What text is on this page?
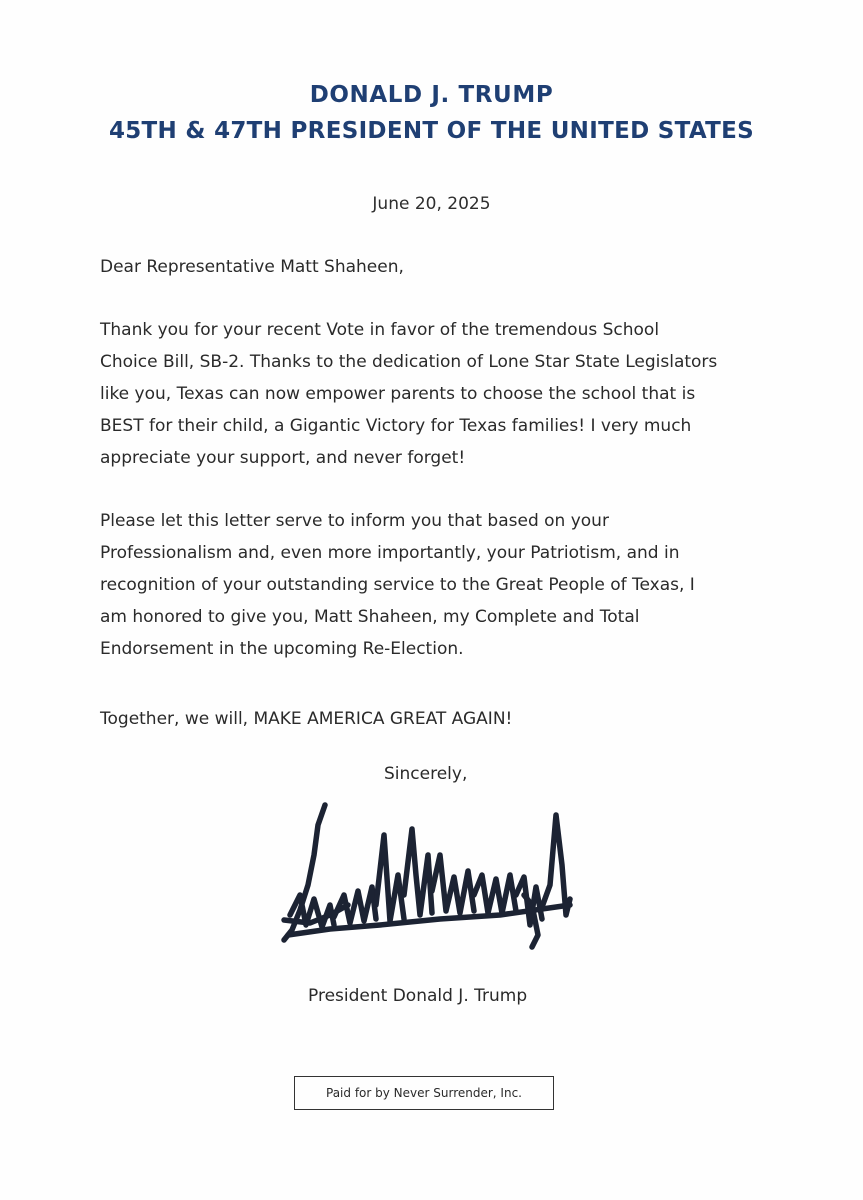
DONALD J. TRUMP
45TH & 47TH PRESIDENT OF THE UNITED STATES
June 20, 2025
Dear Representative Matt Shaheen,
Thank you for your recent Vote in favor of the tremendous School
Choice Bill, SB-2. Thanks to the dedication of Lone Star State Legislators
like you, Texas can now empower parents to choose the school that is
BEST for their child, a Gigantic Victory for Texas families! I very much
appreciate your support, and never forget!
Please let this letter serve to inform you that based on your
Professionalism and, even more importantly, your Patriotism, and in
recognition of your outstanding service to the Great People of Texas, I
am honored to give you, Matt Shaheen, my Complete and Total
Endorsement in the upcoming Re-Election.
Together, we will, MAKE AMERICA GREAT AGAIN!
Sincerely,
President Donald J. Trump
Paid for by Never Surrender, Inc.
